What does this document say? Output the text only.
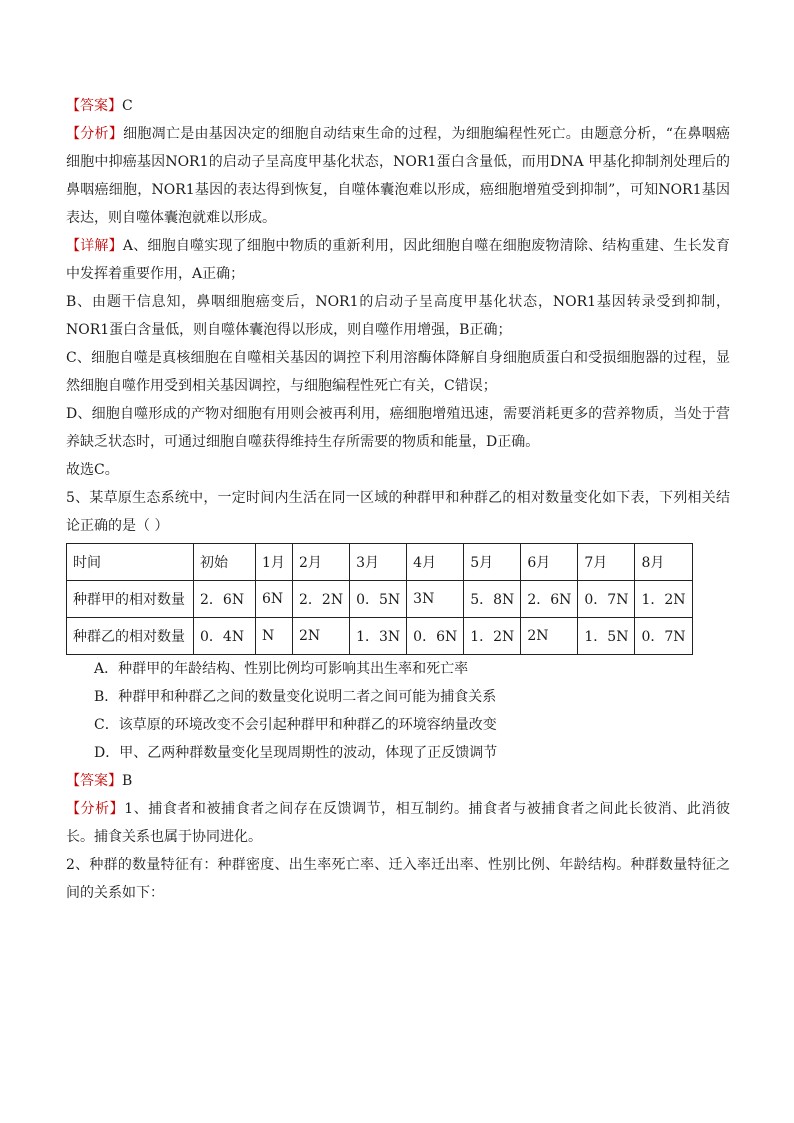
【答案】C

【分析】细胞凋亡是由基因决定的细胞自动结束生命的过程，为细胞编程性死亡。由题意分析，“在鼻咽癌细胞中抑癌基因NOR1的启动子呈高度甲基化状态，NOR1蛋白含量低，而用DNA 甲基化抑制剂处理后的鼻咽癌细胞，NOR1基因的表达得到恢复，自噬体囊泡难以形成，癌细胞增殖受到抑制”，可知NOR1基因表达，则自噬体囊泡就难以形成。

【详解】A、细胞自噬实现了细胞中物质的重新利用，因此细胞自噬在细胞废物清除、结构重建、生长发育中发挥着重要作用，A正确；

B、由题干信息知，鼻咽细胞癌变后，NOR1的启动子呈高度甲基化状态，NOR1基因转录受到抑制，NOR1蛋白含量低，则自噬体囊泡得以形成，则自噬作用增强，B正确；

C、细胞自噬是真核细胞在自噬相关基因的调控下利用溶酶体降解自身细胞质蛋白和受损细胞器的过程，显然细胞自噬作用受到相关基因调控，与细胞编程性死亡有关，C错误；

D、细胞自噬形成的产物对细胞有用则会被再利用，癌细胞增殖迅速，需要消耗更多的营养物质，当处于营养缺乏状态时，可通过细胞自噬获得维持生存所需要的物质和能量，D正确。

故选C。

5、某草原生态系统中，一定时间内生活在同一区域的种群甲和种群乙的相对数量变化如下表，下列相关结论正确的是（ ）

时间	初始	1月	2月	3月	4月	5月	6月	7月	8月
种群甲的相对数量	2．6N	6N	2．2N	0．5N	3N	5．8N	2．6N	0．7N	1．2N
种群乙的相对数量	0．4N	N	2N	1．3N	0．6N	1．2N	2N	1．5N	0．7N

A．种群甲的年龄结构、性别比例均可影响其出生率和死亡率

B．种群甲和种群乙之间的数量变化说明二者之间可能为捕食关系

C．该草原的环境改变不会引起种群甲和种群乙的环境容纳量改变

D．甲、乙两种群数量变化呈现周期性的波动，体现了正反馈调节

【答案】B

【分析】1、捕食者和被捕食者之间存在反馈调节，相互制约。捕食者与被捕食者之间此长彼消、此消彼长。捕食关系也属于协同进化。

2、种群的数量特征有：种群密度、出生率死亡率、迁入率迁出率、性别比例、年龄结构。种群数量特征之间的关系如下：
